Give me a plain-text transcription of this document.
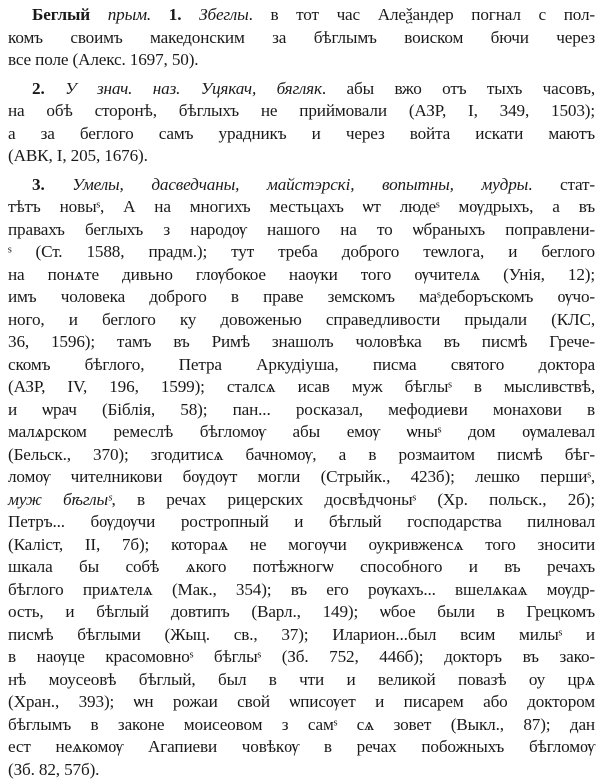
Беглый прым. 1. Збеглы. в тот час Алеѯандер погнал с пол-
комъ своимъ македонским за бѣглымъ воиском бючи через
все поле (Алекс. 1697, 50).
2. У знач. наз. Уцякач, бягляк. абы вжо отъ тыхъ часовъ,
на обѣ сторонѣ, бѣглыхъ не приймовали (АЗР, І, 349, 1503);
а за беглого самъ урадникъ и через войта искати маютъ
(АВК, І, 205, 1676).
3. Умелы, дасведчаны, майстэрскі, вопытны, мудры. стат-
тѣтъ новыˢ, А на многихъ местьцахъ ѡт людеˢ мѹдрыхъ, а въ
правахъ беглыхъ з народѹ нашого на то ѡбраныхъ поправлени-
ˢ (Ст. 1588, прадм.); тут треба доброго теѡлога, и беглого
на понѧте дивьно глѹбокое наѹки того ѹчителѧ (Унія, 12);
имъ чоловека доброго в праве земскомъ маˢдеборъскомъ ѹчо-
ного, и беглого ку довоженью справедливости прыдали (КЛС,
36, 1596); тамъ въ Римѣ знашолъ чоловѣка въ писмѣ Грече-
скомъ бѣглого, Петра Аркудіуша, писма святого доктора
(АЗР, ІV, 196, 1599); сталсѧ исав муж бѣглыˢ в мысливствѣ,
и ѡрач (Біблія, 58); пан... росказал, мефодиеви монахови в
малѧрском ремеслѣ бѣгломѹ абы емѹ ѡныˢ дом ѹмалевал
(Бельск., 370); згодитисѧ бачномѹ, а в розмаитом писмѣ бѣг-
ломѹ чителникови бѹдѹт могли (Стрыйк., 423б); лешко першиˢ,
муж бѣглыˢ, в речах рицерских досвѣдчоныˢ (Хр. польск., 2б);
Петръ... бѹдѹчи ростропный и бѣглый господарства пилновал
(Каліст, ІІ, 7б); котораѧ не могѹчи оукривженсѧ того зносити
шкала бы собѣ ѧкого потѣжногѡ способного и въ речахъ
бѣглого приѧтелѧ (Мак., 354); въ его рѹкахъ... вшелѧкаѧ мѹдр-
ость, и бѣглый довтипъ (Варл., 149); ѡбое были в Грецкомъ
писмѣ бѣглыми (Жыц. св., 37); Иларион...был всим милыˢ и
в наѹце красомовноˢ бѣглыˢ (Зб. 752, 446б); докторъ въ зако-
нѣ моусеовѣ бѣглый, был в чти и великой повазѣ оу црѧ
(Хран., 393); ѡн рожаи свой ѡписѹет и писарем або доктором
бѣглымъ в законе моисеовом з самˢ сѧ зовет (Выкл., 87); дан
ест неѧкомѹ Агапиеви човѣкѹ в речах побожныхъ бѣгломѹ
(Зб. 82, 57б).
